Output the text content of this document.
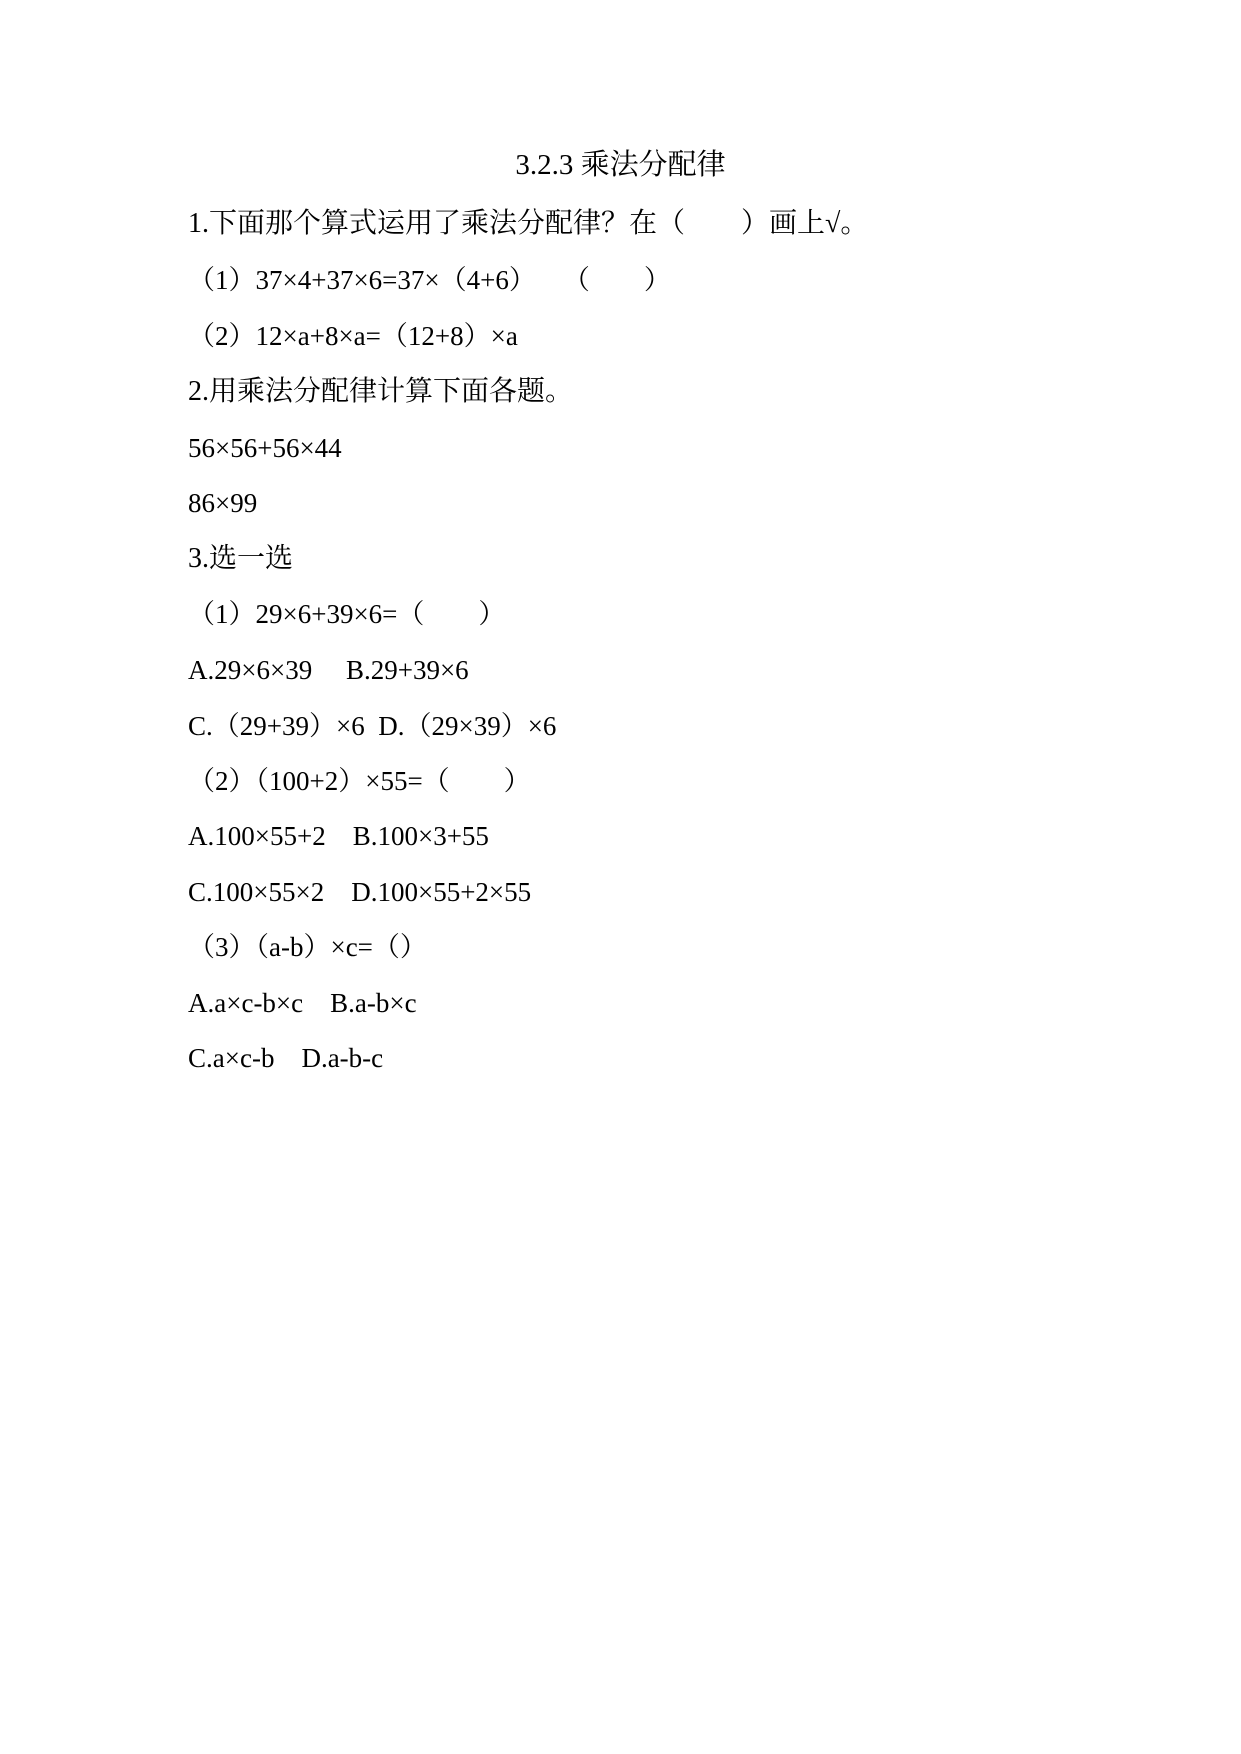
3.2.3 乘法分配律
1.下面那个算式运用了乘法分配律？在（　　）画上√。
（1）37×4+37×6=37×（4+6）　　（　　）
（2）12×a+8×a=（12+8）×a
2.用乘法分配律计算下面各题。
56×56+56×44
86×99
3.选一选
（1）29×6+39×6=（　　）
A.29×6×39　 B.29+39×6
C.（29+39）×6  D.（29×39）×6
（2）（100+2）×55=（　　）
A.100×55+2　B.100×3+55
C.100×55×2　D.100×55+2×55
（3）（a-b）×c=（）
A.a×c-b×c　B.a-b×c
C.a×c-b　D.a-b-c
